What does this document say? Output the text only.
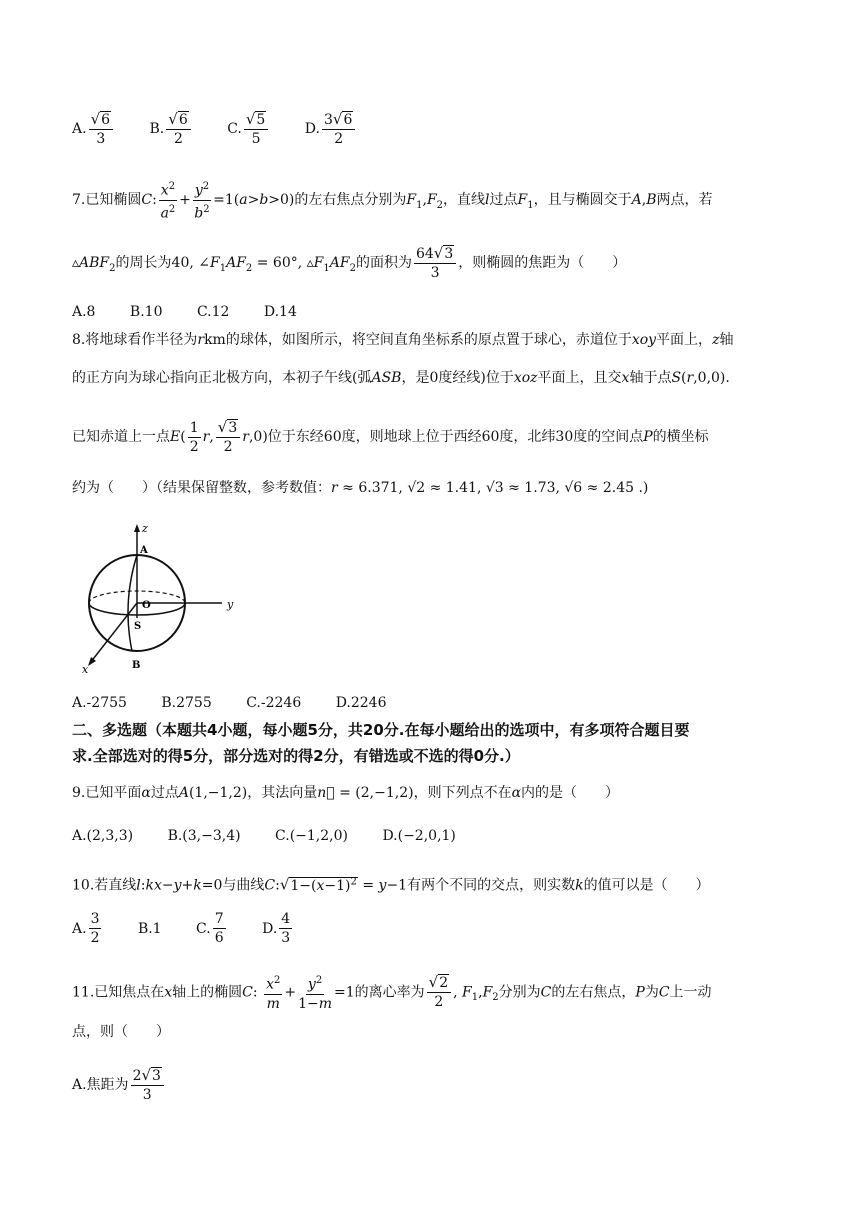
A. $\frac{√6}{3}$	B. $\frac{√6}{2}$	C. $\frac{√5}{5}$	D. $\frac{3√6}{2}$
7.已知椭圆C: $\frac{x^2}{a^2} + \frac{y^2}{b^2} =1(a>b>0)$的左右焦点分别为$F_1,F_2$，直线l过点$F_1$，且与椭圆交于A,B两点，若
$▵ABF_2$的周长为40, $\angle F_1AF_2 = 60^\circ$, $▵F_1AF_2$的面积为 $\frac{64√3}{3}$ ，则椭圆的焦距为（　　）
A.8 B.10 C.12 D.14
8.将地球看作半径为rkm的球体，如图所示，将空间直角坐标系的原点置于球心，赤道位于xoy平面上，z轴
的正方向为球心指向正北极方向，本初子午线(弧ASB，是0度经线)位于xoz平面上，且交x轴于点S(r,0,0).
已知赤道上一点$E( \frac{1}{2} r$, $\frac{√3}{2} r,0$)位于东经60度，则地球上位于西经60度，北纬30度的空间点P的横坐标
约为（　　）（结果保留整数，参考数值：r ≈ 6.371, √2 ≈ 1.41, √3 ≈ 1.73, √6 ≈ 2.45 .)
z
y
x
A
O
S
B
A.-2755 B.2755 C.-2246 D.2246
二、多选题（本题共4小题，每小题5分，共20分.在每小题给出的选项中，有多项符合题目要
求.全部选对的得5分，部分选对的得2分，有错选或不选的得0分.）
9.已知平面α过点A(1,−1,2)，其法向量n⃗ = (2,−1,2)，则下列点不在α内的是（　　）
A.(2,3,3) B.(3,−3,4) C.(−1,2,0) D.(−2,0,1)
10.若直线l:kx−y+k=0与曲线$C:√1-(x-1)^2 = y-1$有两个不同的交点，则实数k的值可以是（　　）
A. $\frac{3}{2}$	B.1 C. $\frac{7}{6}$	D. $\frac{4}{3}$
11.已知焦点在x轴上的椭圆C: $\frac{x^2}{m} + \frac{y^2}{1-m} =1$的离心率为 $\frac{√2}{2}$ , $F_1,F_2$分别为C的左右焦点，P为C上一动
点，则（　　）
A.焦距为 $\frac{2√3}{3}$
